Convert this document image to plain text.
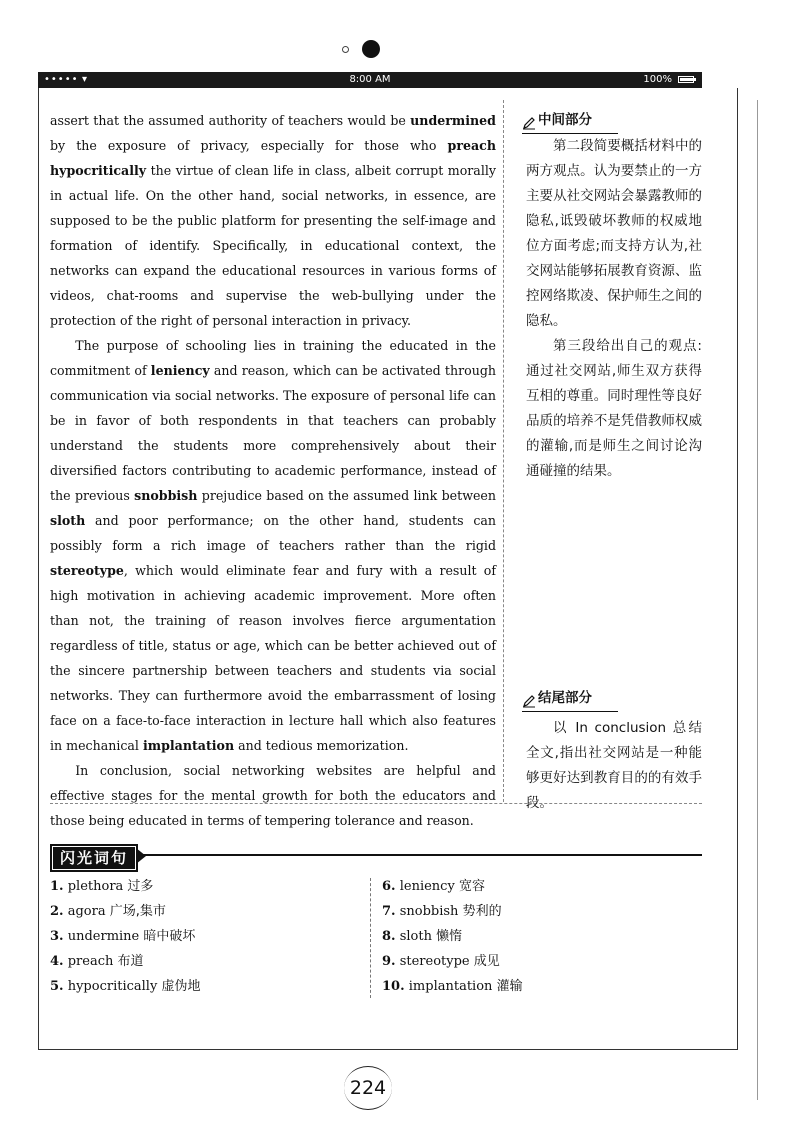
••••• ▾	8:00 AM	100%

assert that the assumed authority of teachers would be undermined by the exposure of privacy, especially for those who preach hypocritically the virtue of clean life in class, albeit corrupt morally in actual life. On the other hand, social networks, in essence, are supposed to be the public platform for presenting the self-image and formation of identify. Specifically, in educational context, the networks can expand the educational resources in various forms of videos, chat-rooms and supervise the web-bullying under the protection of the right of personal interaction in privacy.

The purpose of schooling lies in training the educated in the commitment of leniency and reason, which can be activated through communication via social networks. The exposure of personal life can be in favor of both respondents in that teachers can probably understand the students more comprehensively about their diversified factors contributing to academic performance, instead of the previous snobbish prejudice based on the assumed link between sloth and poor performance; on the other hand, students can possibly form a rich image of teachers rather than the rigid stereotype, which would eliminate fear and fury with a result of high motivation in achieving academic improvement. More often than not, the training of reason involves fierce argumentation regardless of title, status or age, which can be better achieved out of the sincere partnership between teachers and students via social networks. They can furthermore avoid the embarrassment of losing face on a face-to-face interaction in lecture hall which also features in mechanical implantation and tedious memorization.

In conclusion, social networking websites are helpful and effective stages for the mental growth for both the educators and those being educated in terms of tempering tolerance and reason.

中间部分

第二段简要概括材料中的两方观点。认为要禁止的一方主要从社交网站会暴露教师的隐私,诋毁破坏教师的权威地位方面考虑;而支持方认为,社交网站能够拓展教育资源、监控网络欺凌、保护师生之间的隐私。

第三段给出自己的观点:通过社交网站,师生双方获得互相的尊重。同时理性等良好品质的培养不是凭借教师权威的灌输,而是师生之间讨论沟通碰撞的结果。

结尾部分

以 In conclusion 总结全文,指出社交网站是一种能够更好达到教育目的的有效手段。

闪光词句
1. plethora 过多
2. agora 广场,集市
3. undermine 暗中破坏
4. preach 布道
5. hypocritically 虚伪地
6. leniency 宽容
7. snobbish 势利的
8. sloth 懒惰
9. stereotype 成见
10. implantation 灌输
224
